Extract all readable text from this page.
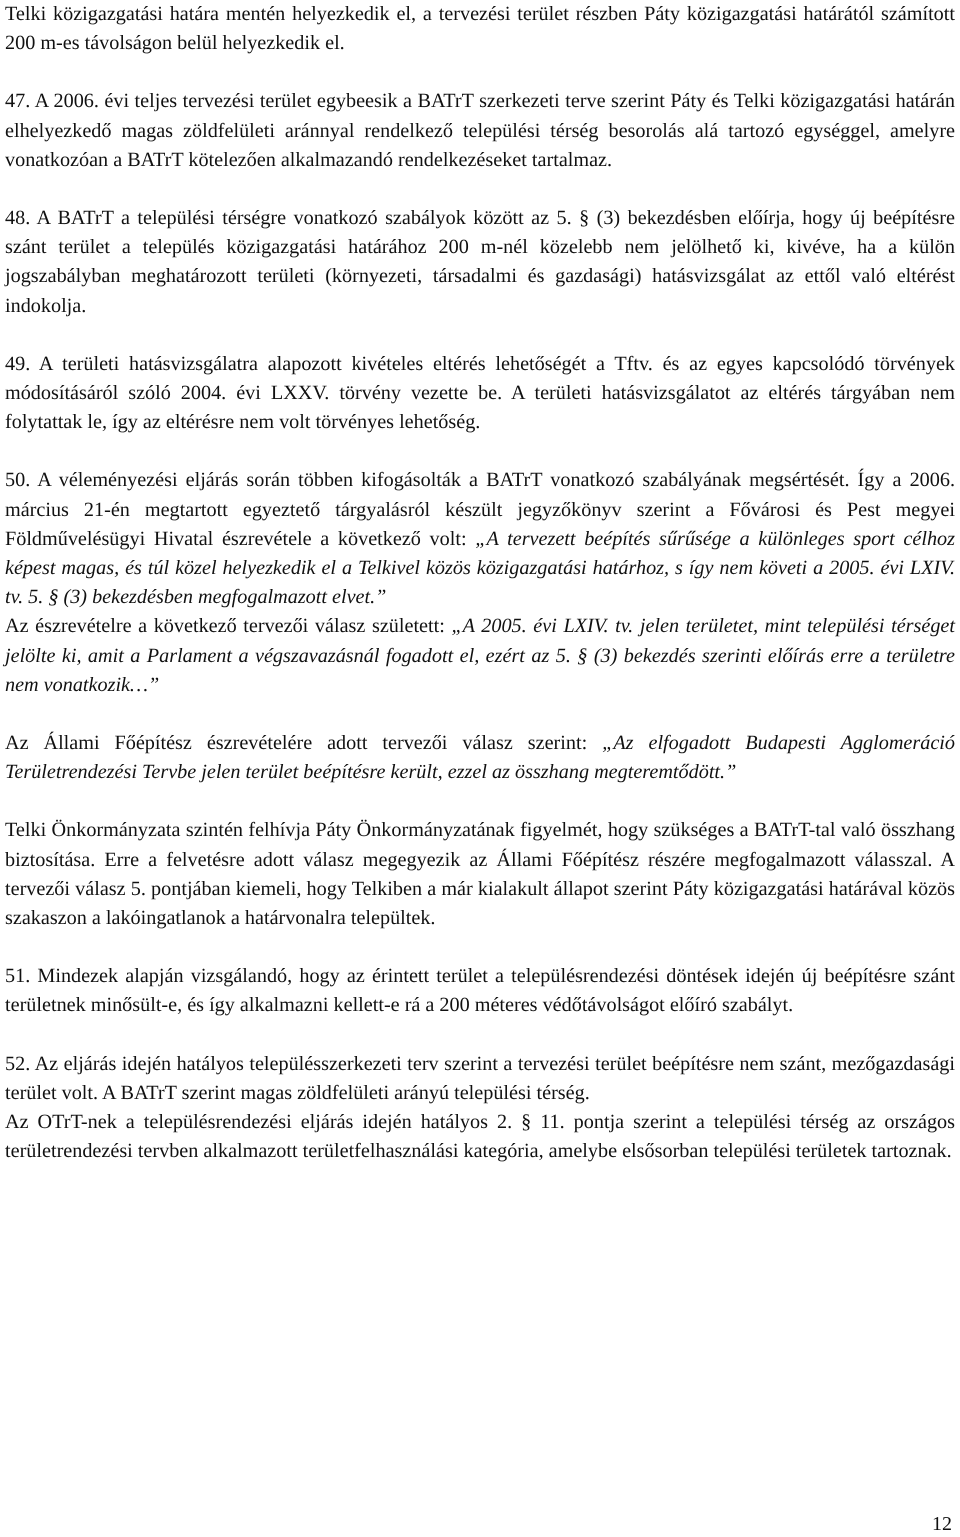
Telki közigazgatási határa mentén helyezkedik el, a tervezési terület részben Páty közigazgatási határától számított 200 m-es távolságon belül helyezkedik el.

47. A 2006. évi teljes tervezési terület egybeesik a BATrT szerkezeti terve szerint Páty és Telki közigazgatási határán elhelyezkedő magas zöldfelületi aránnyal rendelkező települési térség besorolás alá tartozó egységgel, amelyre vonatkozóan a BATrT kötelezően alkalmazandó rendelkezéseket tartalmaz.

48. A BATrT a települési térségre vonatkozó szabályok között az 5. § (3) bekezdésben előírja, hogy új beépítésre szánt terület a település közigazgatási határához 200 m-nél közelebb nem jelölhető ki, kivéve, ha a külön jogszabályban meghatározott területi (környezeti, társadalmi és gazdasági) hatásvizsgálat az ettől való eltérést indokolja.

49. A területi hatásvizsgálatra alapozott kivételes eltérés lehetőségét a Tftv. és az egyes kapcsolódó törvények módosításáról szóló 2004. évi LXXV. törvény vezette be. A területi hatásvizsgálatot az eltérés tárgyában nem folytattak le, így az eltérésre nem volt törvényes lehetőség.

50. A véleményezési eljárás során többen kifogásolták a BATrT vonatkozó szabályának megsértését. Így a 2006. március 21-én megtartott egyeztető tárgyalásról készült jegyzőkönyv szerint a Fővárosi és Pest megyei Földművelésügyi Hivatal észrevétele a következő volt: „A tervezett beépítés sűrűsége a különleges sport célhoz képest magas, és túl közel helyezkedik el a Telkivel közös közigazgatási határhoz, s így nem követi a 2005. évi LXIV. tv. 5. § (3) bekezdésben megfogalmazott elvet.”

Az észrevételre a következő tervezői válasz született: „A 2005. évi LXIV. tv. jelen területet, mint települési térséget jelölte ki, amit a Parlament a végszavazásnál fogadott el, ezért az 5. § (3) bekezdés szerinti előírás erre a területre nem vonatkozik…”

Az Állami Főépítész észrevételére adott tervezői válasz szerint: „Az elfogadott Budapesti Agglomeráció Területrendezési Tervbe jelen terület beépítésre került, ezzel az összhang megteremtődött.”

Telki Önkormányzata szintén felhívja Páty Önkormányzatának figyelmét, hogy szükséges a BATrT-tal való összhang biztosítása. Erre a felvetésre adott válasz megegyezik az Állami Főépítész részére megfogalmazott válasszal. A tervezői válasz 5. pontjában kiemeli, hogy Telkiben a már kialakult állapot szerint Páty közigazgatási határával közös szakaszon a lakóingatlanok a határvonalra települtek.

51. Mindezek alapján vizsgálandó, hogy az érintett terület a településrendezési döntések idején új beépítésre szánt területnek minősült-e, és így alkalmazni kellett-e rá a 200 méteres védőtávolságot előíró szabályt.

52. Az eljárás idején hatályos településszerkezeti terv szerint a tervezési terület beépítésre nem szánt, mezőgazdasági terület volt. A BATrT szerint magas zöldfelületi arányú települési térség.

Az OTrT-nek a településrendezési eljárás idején hatályos 2. § 11. pontja szerint a települési térség az országos területrendezési tervben alkalmazott területfelhasználási kategória, amelybe elsősorban települési területek tartoznak.

12
